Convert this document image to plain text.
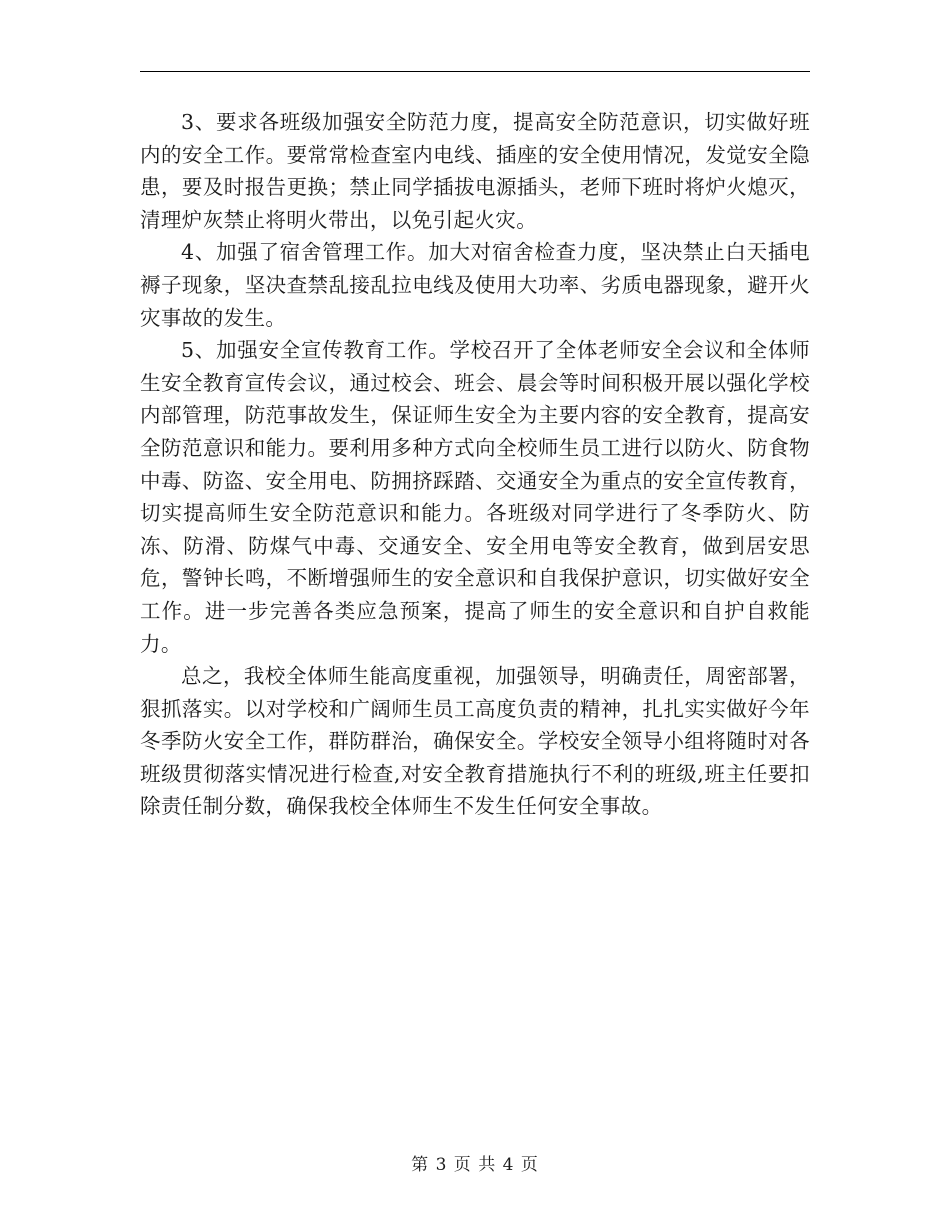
3、要求各班级加强安全防范力度，提高安全防范意识，切实做好班内的安全工作。要常常检查室内电线、插座的安全使用情况，发觉安全隐患，要及时报告更换；禁止同学插拔电源插头，老师下班时将炉火熄灭，清理炉灰禁止将明火带出，以免引起火灾。

4、加强了宿舍管理工作。加大对宿舍检查力度，坚决禁止白天插电褥子现象，坚决查禁乱接乱拉电线及使用大功率、劣质电器现象，避开火灾事故的发生。

5、加强安全宣传教育工作。学校召开了全体老师安全会议和全体师生安全教育宣传会议，通过校会、班会、晨会等时间积极开展以强化学校内部管理，防范事故发生，保证师生安全为主要内容的安全教育，提高安全防范意识和能力。要利用多种方式向全校师生员工进行以防火、防食物中毒、防盗、安全用电、防拥挤踩踏、交通安全为重点的安全宣传教育，切实提高师生安全防范意识和能力。各班级对同学进行了冬季防火、防冻、防滑、防煤气中毒、交通安全、安全用电等安全教育，做到居安思危，警钟长鸣，不断增强师生的安全意识和自我保护意识，切实做好安全工作。进一步完善各类应急预案，提高了师生的安全意识和自护自救能力。

总之，我校全体师生能高度重视，加强领导，明确责任，周密部署，狠抓落实。以对学校和广阔师生员工高度负责的精神，扎扎实实做好今年冬季防火安全工作，群防群治，确保安全。学校安全领导小组将随时对各班级贯彻落实情况进行检查,对安全教育措施执行不利的班级,班主任要扣除责任制分数，确保我校全体师生不发生任何安全事故。

第 3 页 共 4 页
